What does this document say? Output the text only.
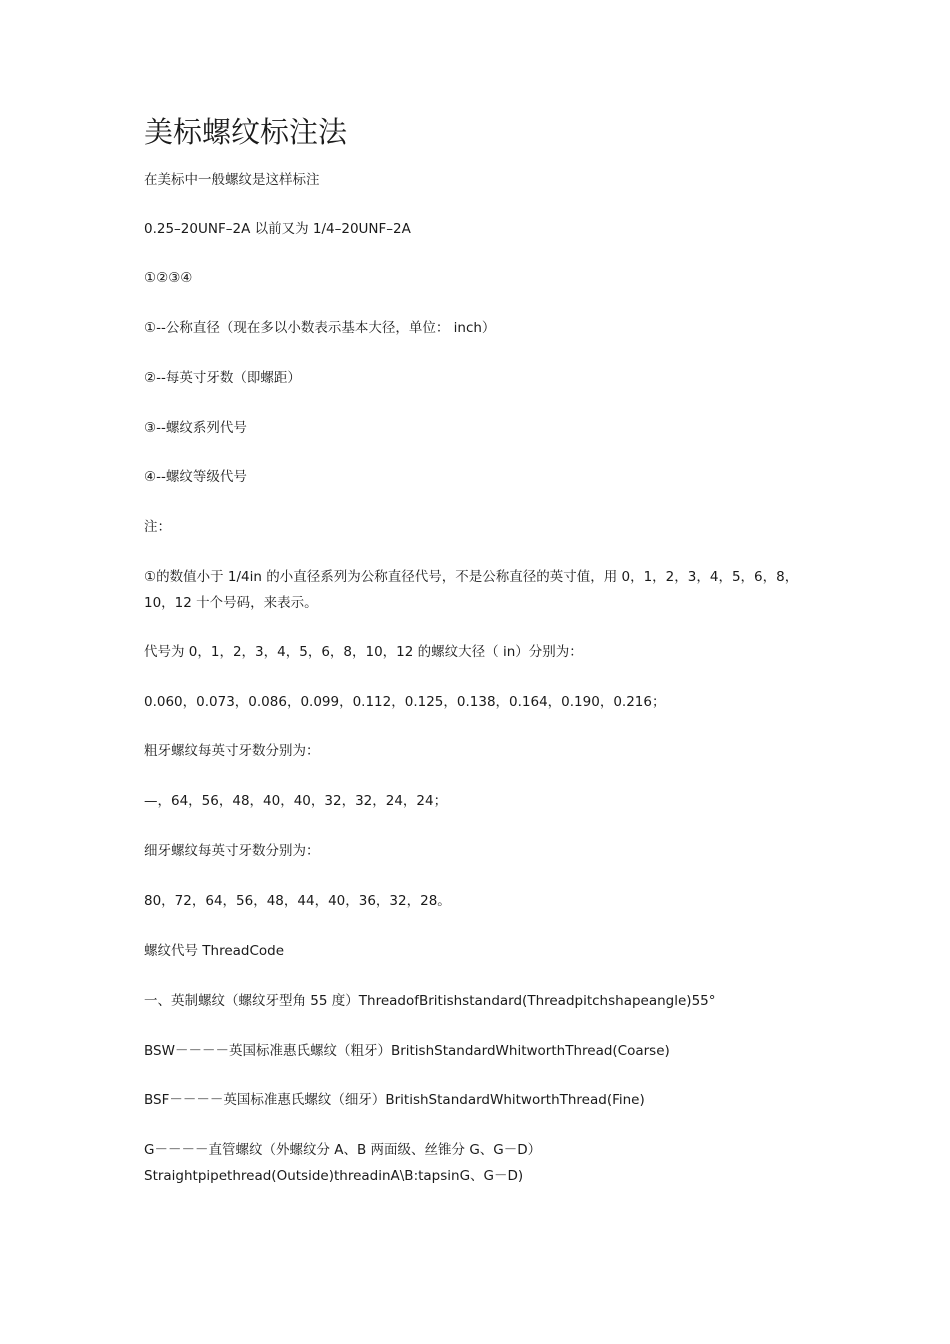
美标螺纹标注法
在美标中一般螺纹是这样标注
0.25–20UNF–2A 以前又为 1/4–20UNF–2A
①②③④
①--公称直径（现在多以小数表示基本大径，单位： inch）
②--每英寸牙数（即螺距）
③--螺纹系列代号
④--螺纹等级代号
注：
①的数值小于 1/4in 的小直径系列为公称直径代号，不是公称直径的英寸值，用 0，1，2，3，4，5，6，8，10，12 十个号码，来表示。
代号为 0，1，2，3，4，5，6，8，10，12 的螺纹大径（ in）分别为：
0.060，0.073，0.086，0.099，0.112，0.125，0.138，0.164，0.190，0.216；
粗牙螺纹每英寸牙数分别为：
—，64，56，48，40，40，32，32，24，24；
细牙螺纹每英寸牙数分别为：
80，72，64，56，48，44，40，36，32，28。
螺纹代号 ThreadCode
一、英制螺纹（螺纹牙型角 55 度）ThreadofBritishstandard(Threadpitchshapeangle)55°
BSW－－－－英国标准惠氏螺纹（粗牙）BritishStandardWhitworthThread(Coarse)
BSF－－－－英国标准惠氏螺纹（细牙）BritishStandardWhitworthThread(Fine)
G－－－－直管螺纹（外螺纹分 A、B 两面级、丝锥分 G、G－D）
Straightpipethread(Outside)threadinA\B:tapsinG、G－D)
